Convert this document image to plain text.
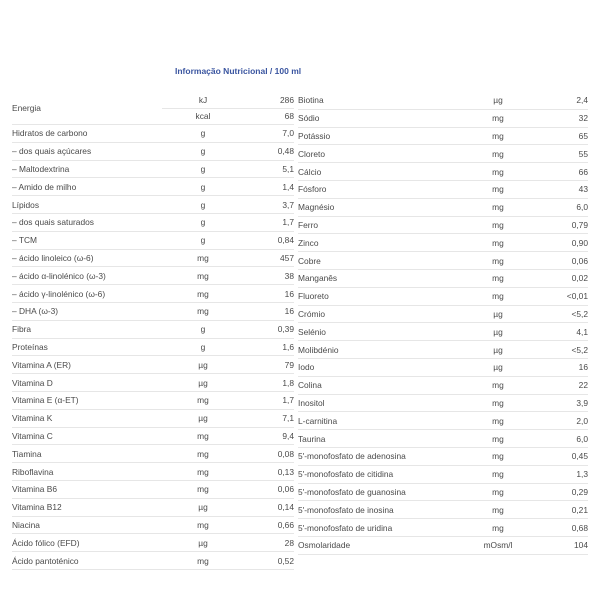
Informação Nutricional / 100 ml
Energia	kJ	286
	kcal	68
Hidratos de carbono	g	7,0
– dos quais açúcares	g	0,48
– Maltodextrina	g	5,1
– Amido de milho	g	1,4
Lípidos	g	3,7
– dos quais saturados	g	1,7
– TCM	g	0,84
– ácido linoleico (ω-6)	mg	457
– ácido α-linolénico (ω-3)	mg	38
– ácido γ-linolénico (ω-6)	mg	16
– DHA (ω-3)	mg	16
Fibra	g	0,39
Proteínas	g	1,6
Vitamina A (ER)	µg	79
Vitamina D	µg	1,8
Vitamina E (α-ET)	mg	1,7
Vitamina K	µg	7,1
Vitamina C	mg	9,4
Tiamina	mg	0,08
Riboflavina	mg	0,13
Vitamina B6	mg	0,06
Vitamina B12	µg	0,14
Niacina	mg	0,66
Ácido fólico (EFD)	µg	28
Ácido pantoténico	mg	0,52
Biotina	µg	2,4
Sódio	mg	32
Potássio	mg	65
Cloreto	mg	55
Cálcio	mg	66
Fósforo	mg	43
Magnésio	mg	6,0
Ferro	mg	0,79
Zinco	mg	0,90
Cobre	mg	0,06
Manganês	mg	0,02
Fluoreto	mg	<0,01
Crómio	µg	<5,2
Selénio	µg	4,1
Molibdénio	µg	<5,2
Iodo	µg	16
Colina	mg	22
Inositol	mg	3,9
L-carnitina	mg	2,0
Taurina	mg	6,0
5'-monofosfato de adenosina	mg	0,45
5'-monofosfato de citidina	mg	1,3
5'-monofosfato de guanosina	mg	0,29
5'-monofosfato de inosina	mg	0,21
5'-monofosfato de uridina	mg	0,68
Osmolaridade	mOsm/l	104
